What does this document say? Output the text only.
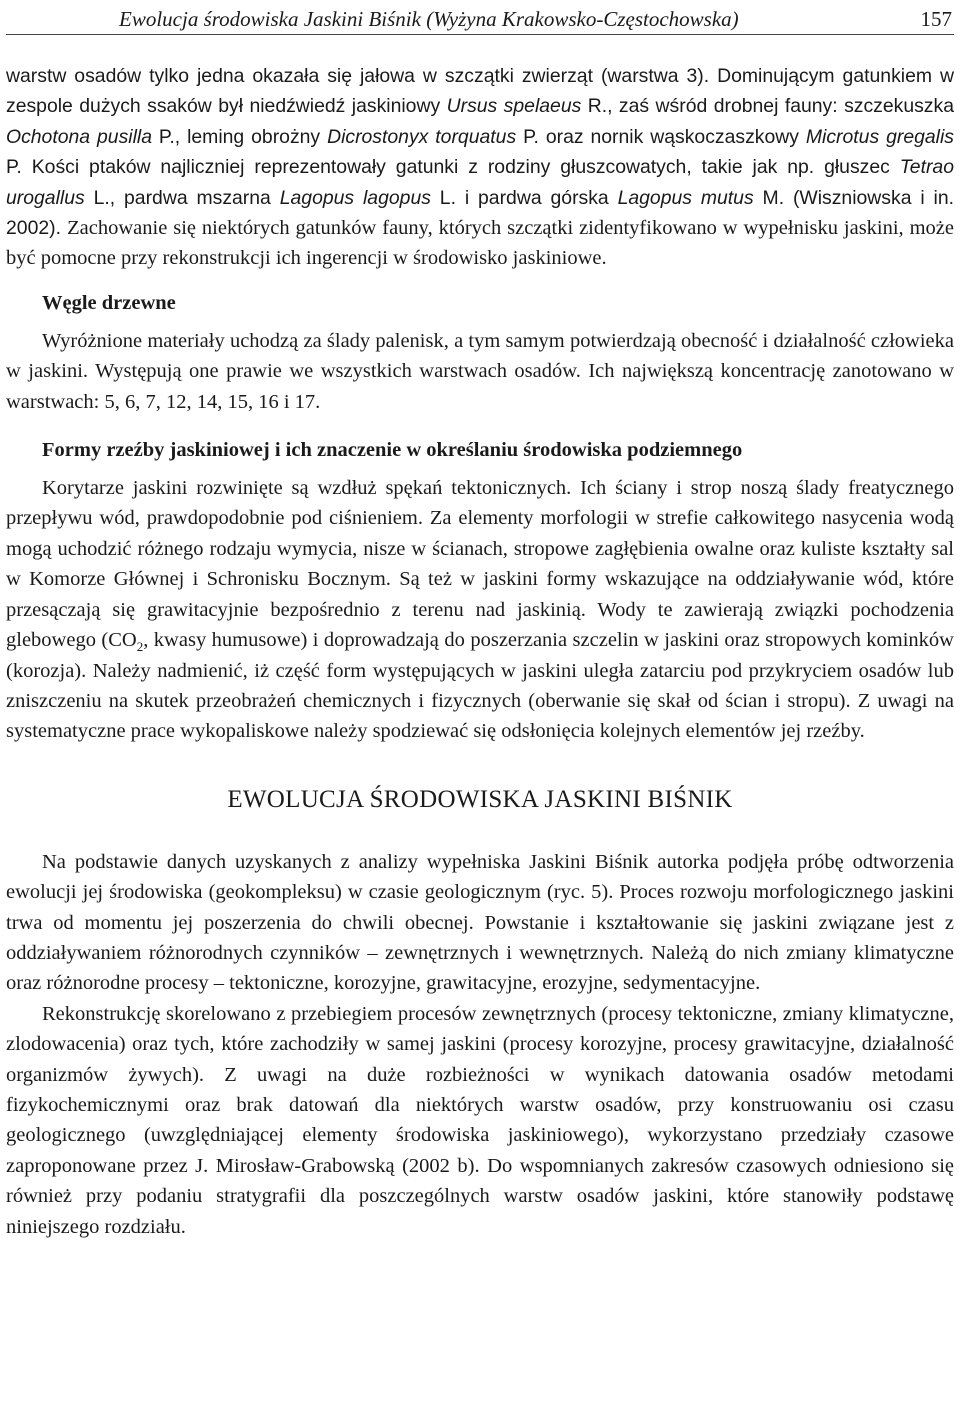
Ewolucja środowiska Jaskini Biśnik (Wyżyna Krakowsko-Częstochowska)	157

warstw osadów tylko jedna okazała się jałowa w szczątki zwierząt (warstwa 3). Dominującym gatunkiem w zespole dużych ssaków był niedźwiedź jaskiniowy Ursus spelaeus R., zaś wśród drobnej fauny: szczekuszka Ochotona pusilla P., leming obrożny Dicrostonyx torquatus P. oraz nornik wąskoczaszkowy Microtus gregalis P. Kości ptaków najliczniej reprezentowały gatunki z rodziny głuszcowatych, takie jak np. głuszec Tetrao urogallus L., pardwa mszarna Lagopus lagopus L. i pardwa górska Lagopus mutus M. (Wiszniowska i in. 2002). Zachowanie się niektórych gatunków fauny, których szczątki zidentyfikowano w wypełnisku jaskini, może być pomocne przy rekonstrukcji ich ingerencji w środowisko jaskiniowe.

Węgle drzewne

Wyróżnione materiały uchodzą za ślady palenisk, a tym samym potwierdzają obecność i działalność człowieka w jaskini. Występują one prawie we wszystkich warstwach osadów. Ich największą koncentrację zanotowano w warstwach: 5, 6, 7, 12, 14, 15, 16 i 17.

Formy rzeźby jaskiniowej i ich znaczenie w określaniu środowiska podziemnego

Korytarze jaskini rozwinięte są wzdłuż spękań tektonicznych. Ich ściany i strop noszą ślady freatycznego przepływu wód, prawdopodobnie pod ciśnieniem. Za elementy morfologii w strefie całkowitego nasycenia wodą mogą uchodzić różnego rodzaju wymycia, nisze w ścianach, stropowe zagłębienia owalne oraz kuliste kształty sal w Komorze Głównej i Schronisku Bocznym. Są też w jaskini formy wskazujące na oddziaływanie wód, które przesączają się grawitacyjnie bezpośrednio z terenu nad jaskinią. Wody te zawierają związki pochodzenia glebowego ($CO_2$, kwasy humusowe) i doprowadzają do poszerzania szczelin w jaskini oraz stropowych kominków (korozja). Należy nadmienić, iż część form występujących w jaskini uległa zatarciu pod przykryciem osadów lub zniszczeniu na skutek przeobrażeń chemicznych i fizycznych (oberwanie się skał od ścian i stropu). Z uwagi na systematyczne prace wykopaliskowe należy spodziewać się odsłonięcia kolejnych elementów jej rzeźby.

EWOLUCJA ŚRODOWISKA JASKINI BIŚNIK

Na podstawie danych uzyskanych z analizy wypełniska Jaskini Biśnik autorka podjęła próbę odtworzenia ewolucji jej środowiska (geokompleksu) w czasie geologicznym (ryc. 5). Proces rozwoju morfologicznego jaskini trwa od momentu jej poszerzenia do chwili obecnej. Powstanie i kształtowanie się jaskini związane jest z oddziaływaniem różnorodnych czynników – zewnętrznych i wewnętrznych. Należą do nich zmiany klimatyczne oraz różnorodne procesy – tektoniczne, korozyjne, grawitacyjne, erozyjne, sedymentacyjne.

Rekonstrukcję skorelowano z przebiegiem procesów zewnętrznych (procesy tektoniczne, zmiany klimatyczne, zlodowacenia) oraz tych, które zachodziły w samej jaskini (procesy korozyjne, procesy grawitacyjne, działalność organizmów żywych). Z uwagi na duże rozbieżności w wynikach datowania osadów metodami fizykochemicznymi oraz brak datowań dla niektórych warstw osadów, przy konstruowaniu osi czasu geologicznego (uwzględniającej elementy środowiska jaskiniowego), wykorzystano przedziały czasowe zaproponowane przez J. Mirosław-Grabowską (2002 b). Do wspomnianych zakresów czasowych odniesiono się również przy podaniu stratygrafii dla poszczególnych warstw osadów jaskini, które stanowiły podstawę niniejszego rozdziału.
